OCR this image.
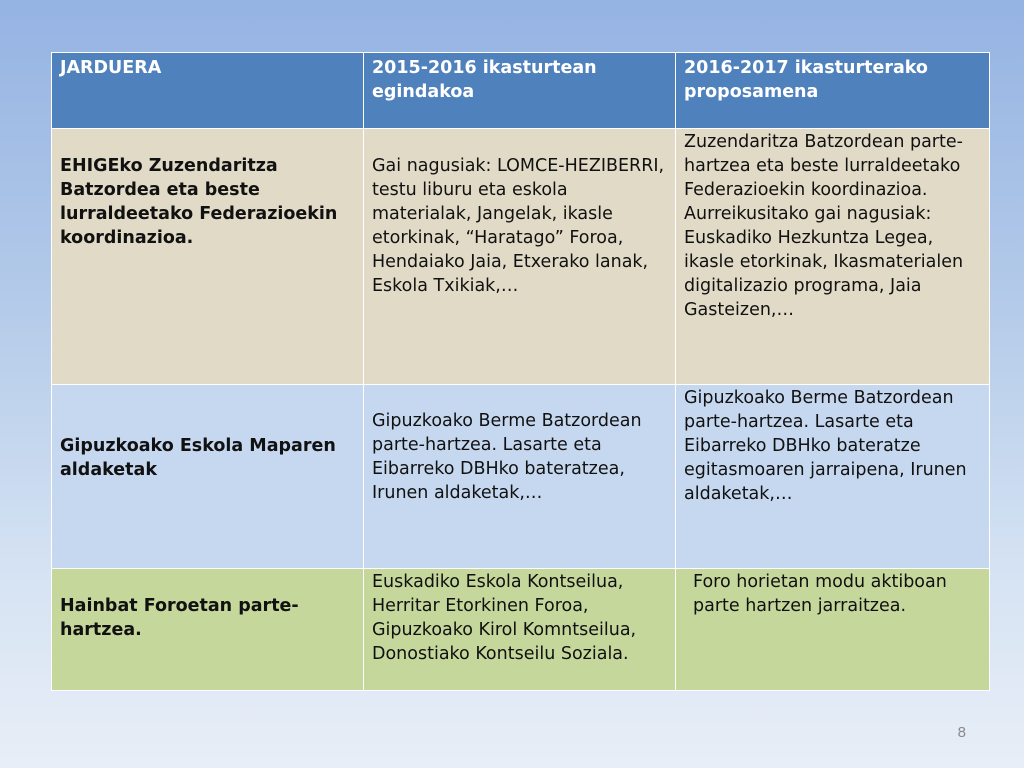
JARDUERA	2015-2016 ikasturtean egindakoa	2016-2017 ikasturterako proposamena
EHIGEko Zuzendaritza Batzordea eta beste lurraldeetako Federazioekin koordinazioa.	Gai nagusiak: LOMCE-HEZIBERRI, testu liburu eta eskola materialak, Jangelak, ikasle etorkinak, “Haratago” Foroa, Hendaiako Jaia, Etxerako lanak, Eskola Txikiak,…	Zuzendaritza Batzordean parte-hartzea eta beste lurraldeetako Federazioekin koordinazioa. Aurreikusitako gai nagusiak: Euskadiko Hezkuntza Legea, ikasle etorkinak, Ikasmaterialen digitalizazio programa, Jaia Gasteizen,…
Gipuzkoako Eskola Maparen aldaketak	Gipuzkoako Berme Batzordean parte-hartzea. Lasarte eta Eibarreko DBHko bateratzea, Irunen aldaketak,…	Gipuzkoako Berme Batzordean parte-hartzea. Lasarte eta Eibarreko DBHko bateratze egitasmoaren jarraipena, Irunen aldaketak,…
Hainbat Foroetan parte-hartzea.	Euskadiko Eskola Kontseilua, Herritar Etorkinen Foroa, Gipuzkoako Kirol Komntseilua, Donostiako Kontseilu Soziala.	Foro horietan modu aktiboan parte hartzen jarraitzea.
8
